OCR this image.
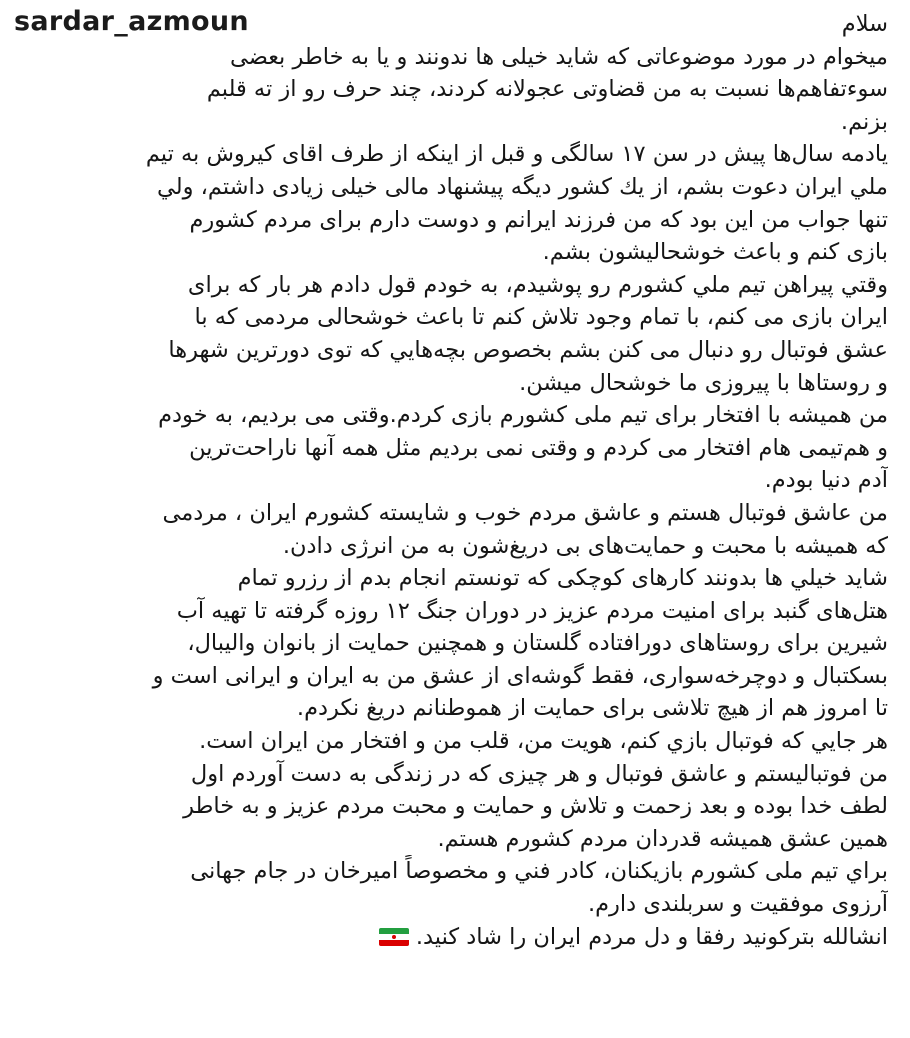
sardar_azmoun	سلام
میخوام در مورد موضوعاتی که شاید خیلی ها ندونند و یا به خاطر بعضی
سوءتفاهم‌ها نسبت به من قضاوتی عجولانه کردند، چند حرف رو از ته قلبم
بزنم.
یادمه سال‌ها پیش در سن ۱۷ سالگی و قبل از اینکه از طرف اقای کیروش به تیم
ملي ایران دعوت بشم، از يك كشور ديگه پیشنهاد مالی خیلی زیادی داشتم، ولي
تنها جواب من این بود که من فرزند ایرانم و دوست دارم برای مردم کشورم
بازی کنم و باعث خوشحالیشون بشم.
وقتي پيراهن تيم ملي كشورم رو پوشيدم، به خودم قول دادم هر بار كه براى
ايران بازى می كنم، با تمام وجود تلاش كنم تا باعث خوشحالى مردمى كه با
عشق فوتبال رو دنبال می كنن بشم بخصوص بچه‌هايي كه توى دورترين شهرها
و روستاها با پيروزى ما خوشحال ميشن.
من همیشه با افتخار برای تیم ملی کشورم بازی کردم.وقتی می بردیم، به خودم
و هم‌تیمی هام افتخار می کردم و وقتی نمی بردیم مثل همه آنها ناراحت‌ترین
آدم دنیا بودم.
من عاشق فوتبال هستم و عاشق مردم خوب و شایسته کشورم ایران ، مردمی
که همیشه با محبت و حمایت‌های بی دریغ‌شون به من انرژی دادن.
شايد خيلي ها بدونند كارهاى كوچكى كه تونستم انجام بدم از رزرو تمام
هتل‌های گنبد برای امنیت مردم عزیز در دوران جنگ ۱۲ روزه گرفته تا تهیه آب
شیرین برای روستاهای دورافتاده گلستان و همچنین حمایت از بانوان والیبال،
بسکتبال و دوچرخه‌سواری، فقط گوشه‌ای از عشق من به ایران و ایرانی است و
تا امروز هم از هیچ تلاشی برای حمایت از هموطنانم دریغ نکردم.
هر جايي كه فوتبال بازي كنم، هويت من، قلب من و افتخار من ايران است.
من فوتبالیستم و عاشق فوتبال و هر چیزی که در زندگی به دست آوردم اول
لطف خدا بوده و بعد زحمت و تلاش و حمایت و محبت مردم عزیز و به خاطر
همین عشق همیشه قدردان مردم کشورم هستم.
براي تيم ملی كشورم بازيكنان، كادر فني و مخصوصاً اميرخان در جام جهانى
آرزوی موفقيت و سربلندى دارم.
انشالله بترکونید رفقا و دل مردم ایران را شاد کنید.
